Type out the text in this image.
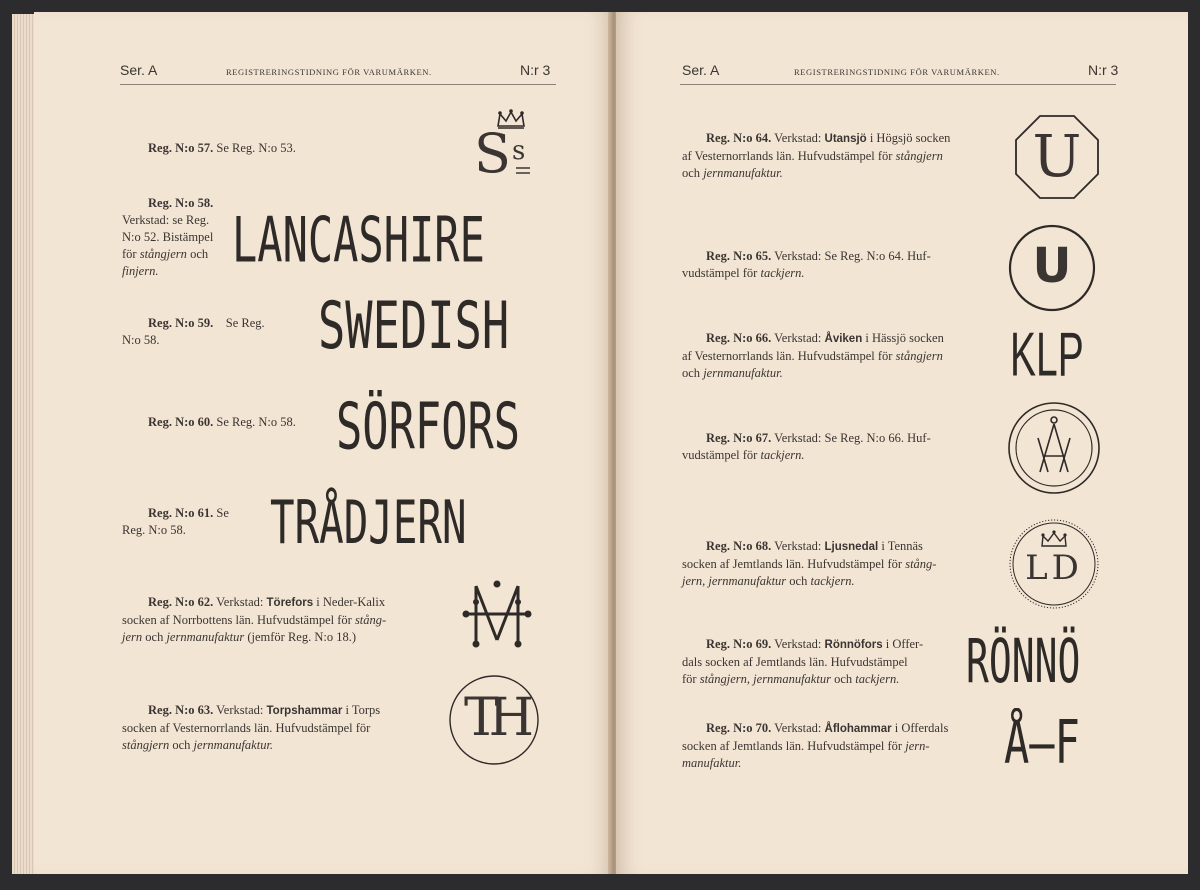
Ser. A	REGISTRERINGSTIDNING FÖR VARUMÄRKEN.	N:r 3
Reg. N:o 57. Se Reg. N:o 53.	S s
Reg. N:o 58.
Verkstad: se Reg.
N:o 52. Bistämpel
för stångjern och
finjern.	LANCASHIRE
Reg. N:o 59. Se Reg.
N:o 58.	SWEDISH
Reg. N:o 60. Se Reg. N:o 58. SÖRFORS
Reg. N:o 61. Se
Reg. N:o 58.	TRÅDJERN
Reg. N:o 62. Verkstad: Törefors i Neder-Kalix
socken af Norrbottens län. Hufvudstämpel för stång-
jern och jernmanufaktur (jemför Reg. N:o 18.)
Reg. N:o 63. Verkstad: Torpshammar i Torps
socken af Vesternorrlands län. Hufvudstämpel för
stångjern och jernmanufaktur.	TH
Ser. A	REGISTRERINGSTIDNING FÖR VARUMÄRKEN.	N:r 3
Reg. N:o 64. Verkstad: Utansjö i Högsjö socken
af Vesternorrlands län. Hufvudstämpel för stångjern
och jernmanufaktur.	U
Reg. N:o 65. Verkstad: Se Reg. N:o 64. Huf-
vudstämpel för tackjern.	U
Reg. N:o 66. Verkstad: Åviken i Hässjö socken
af Vesternorrlands län. Hufvudstämpel för stångjern
och jernmanufaktur.	KLP
Reg. N:o 67. Verkstad: Se Reg. N:o 66. Huf-
vudstämpel för tackjern.
Reg. N:o 68. Verkstad: Ljusnedal i Tennäs
socken af Jemtlands län. Hufvudstämpel för stång-
jern, jernmanufaktur och tackjern.	LD
Reg. N:o 69. Verkstad: Rönnöfors i Offer-
dals socken af Jemtlands län. Hufvudstämpel
för stångjern, jernmanufaktur och tackjern.	RÖNNÖ
Reg. N:o 70. Verkstad: Åflohammar i Offerdals
socken af Jemtlands län. Hufvudstämpel för jern-
manufaktur.	Å–F
